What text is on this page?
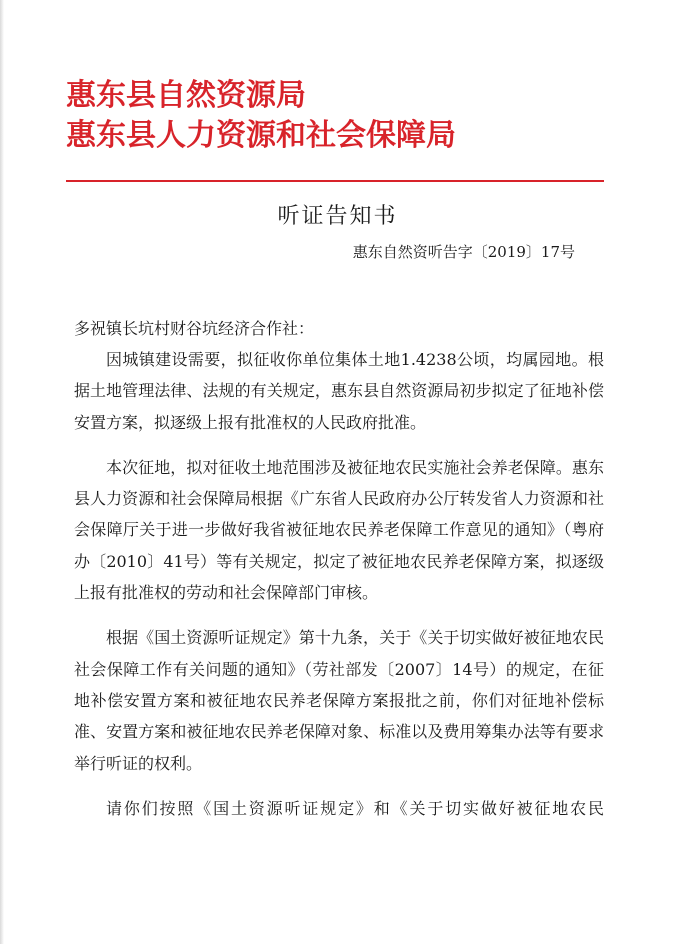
惠 东 县 自 然 资 源 局
惠 东 县 人 力 资 源 和 社 会 保 障 局
听证告知书
惠东自然资听告字〔2019〕17号
多祝镇长坑村财谷坑经济合作社：

因城镇建设需要，拟征收你单位集体土地1.4238公顷，均属园地。根据土地管理法律、法规的有关规定，惠东县自然资源局初步拟定了征地补偿安置方案，拟逐级上报有批准权的人民政府批准。

本次征地，拟对征收土地范围涉及被征地农民实施社会养老保障。惠东县人力资源和社会保障局根据《广东省人民政府办公厅转发省人力资源和社会保障厅关于进一步做好我省被征地农民养老保障工作意见的通知》（粤府办〔2010〕41号）等有关规定，拟定了被征地农民养老保障方案，拟逐级上报有批准权的劳动和社会保障部门审核。

根据《国土资源听证规定》第十九条，关于《关于切实做好被征地农民社会保障工作有关问题的通知》（劳社部发〔2007〕14号）的规定，在征地补偿安置方案和被征地农民养老保障方案报批之前，你们对征地补偿标准、安置方案和被征地农民养老保障对象、标准以及费用筹集办法等有要求举行听证的权利。

请你们按照《国土资源听证规定》和《关于切实做好被征地农民
